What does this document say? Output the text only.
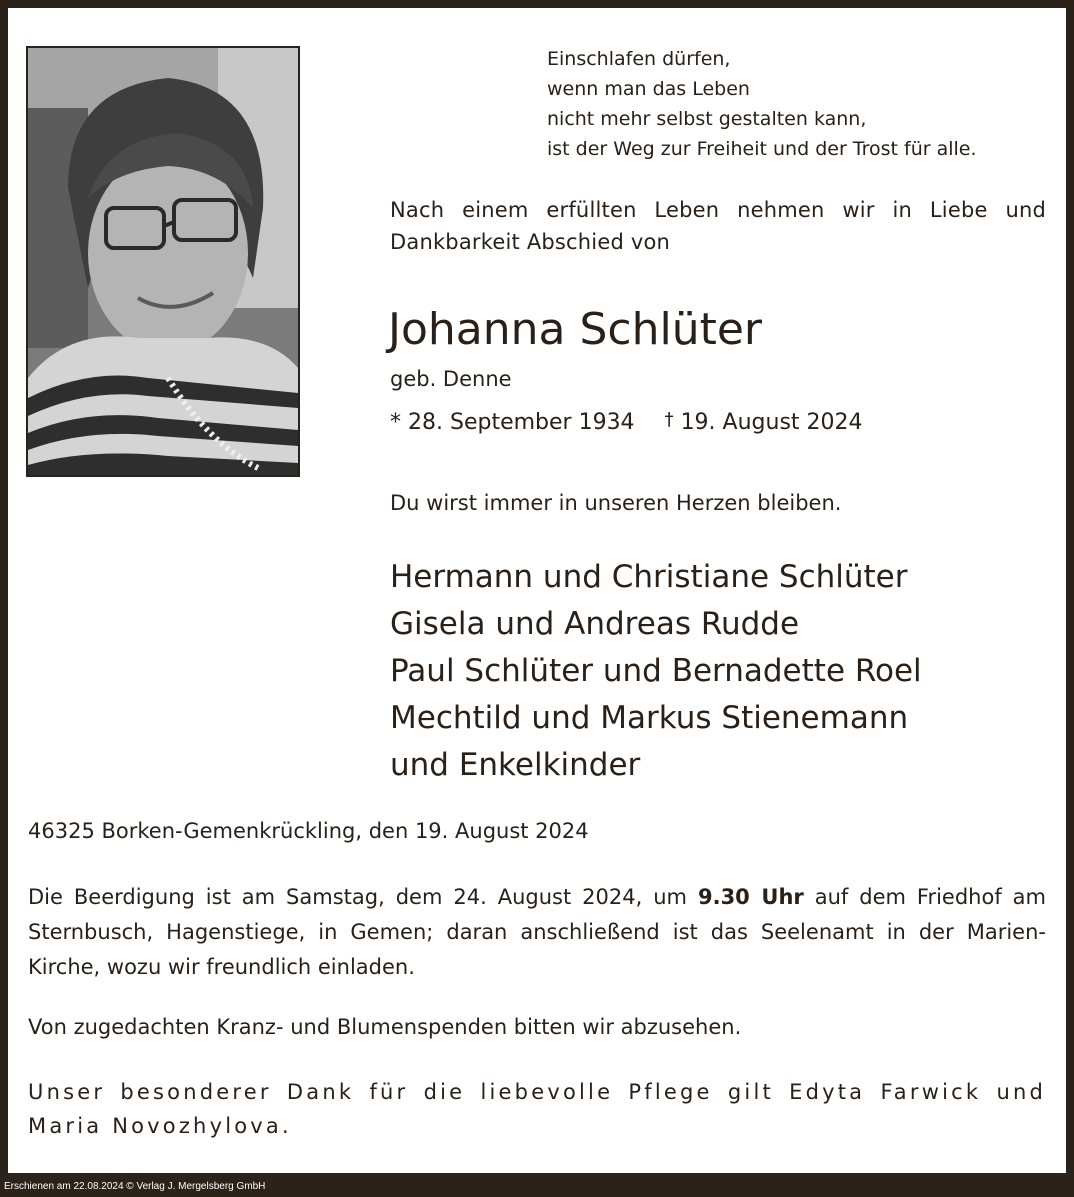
Einschlafen dürfen,
wenn man das Leben
nicht mehr selbst gestalten kann,
ist der Weg zur Freiheit und der Trost für alle.
Nach einem erfüllten Leben nehmen wir in Liebe und
Dankbarkeit Abschied von
Johanna Schlüter
geb. Denne
* 28. September 1934 † 19. August 2024
Du wirst immer in unseren Herzen bleiben.
Hermann und Christiane Schlüter
Gisela und Andreas Rudde
Paul Schlüter und Bernadette Roel
Mechtild und Markus Stienemann
und Enkelkinder
46325 Borken-Gemenkrückling, den 19. August 2024
Die Beerdigung ist am Samstag, dem 24. August 2024, um 9.30 Uhr auf dem Friedhof am
Sternbusch, Hagenstiege, in Gemen; daran anschließend ist das Seelenamt in der Marien-
Kirche, wozu wir freundlich einladen.
Von zugedachten Kranz- und Blumenspenden bitten wir abzusehen.
Unser besonderer Dank für die liebevolle Pflege gilt Edyta Farwick und
Maria Novozhylova.

Erschienen am 22.08.2024 © Verlag J. Mergelsberg GmbH
